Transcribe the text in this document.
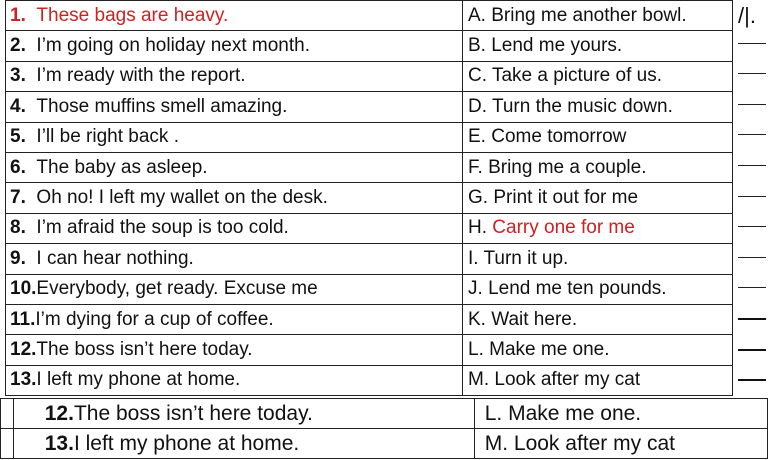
1. These bags are heavy.	A. Bring me another bowl.
2. I’m going on holiday next month.	B. Lend me yours.
3. I’m ready with the report.	C. Take a picture of us.
4. Those muffins smell amazing.	D. Turn the music down.
5. I’ll be right back .	E. Come tomorrow
6. The baby as asleep.	F. Bring me a couple.
7. Oh no! I left my wallet on the desk.	G. Print it out for me
8. I’m afraid the soup is too cold.	H. Carry one for me
9. I can hear nothing.	I. Turn it up.
10.Everybody, get ready. Excuse me	J. Lend me ten pounds.
11.I’m dying for a cup of coffee.	K. Wait here.
12.The boss isn’t here today.	L. Make me one.
13.I left my phone at home.	M. Look after my cat
/|.
	12.The boss isn’t here today.	L. Make me one.
	13.I left my phone at home.	M. Look after my cat
